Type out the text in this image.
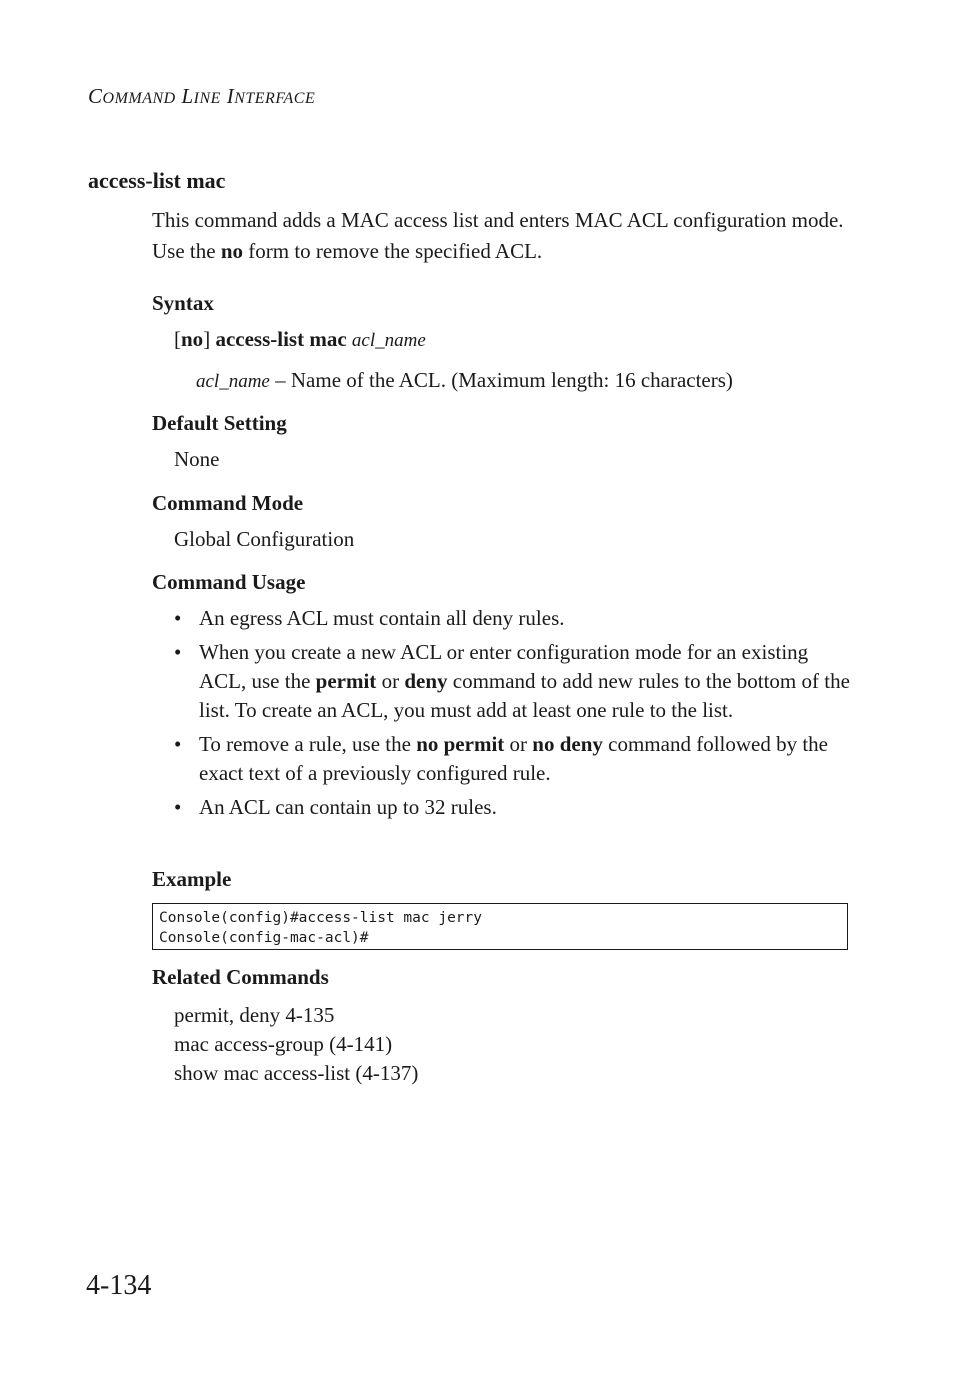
COMMAND LINE INTERFACE
access-list mac
This command adds a MAC access list and enters MAC ACL configuration mode. Use the no form to remove the specified ACL.
Syntax
[no] access-list mac acl_name
acl_name – Name of the ACL. (Maximum length: 16 characters)
Default Setting
None
Command Mode
Global Configuration
Command Usage
• An egress ACL must contain all deny rules.
• When you create a new ACL or enter configuration mode for an existing ACL, use the permit or deny command to add new rules to the bottom of the list. To create an ACL, you must add at least one rule to the list.
• To remove a rule, use the no permit or no deny command followed by the exact text of a previously configured rule.
• An ACL can contain up to 32 rules.
Example
Console(config)#access-list mac jerry
Console(config-mac-acl)#
Related Commands
permit, deny 4-135
mac access-group (4-141)
show mac access-list (4-137)
4-134
